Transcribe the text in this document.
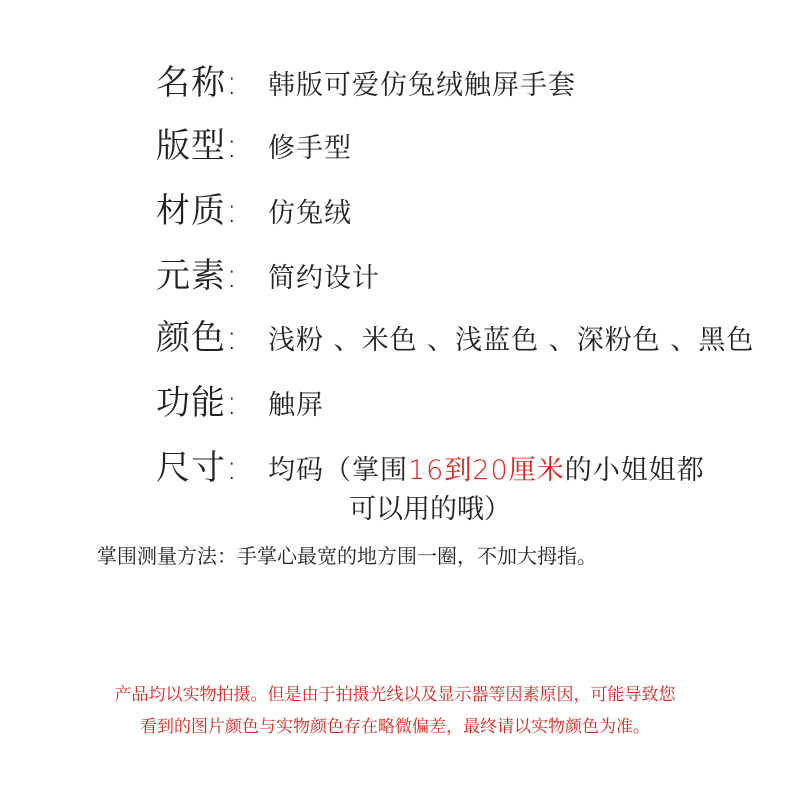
名称:	韩版可爱仿兔绒触屏手套
版型:	修手型
材质:	仿兔绒
元素:	简约设计
颜色:	浅粉 、米色 、浅蓝色 、深粉色 、黑色
功能:	触屏
尺寸:	均码（掌围16到20厘米的小姐姐都
可以用的哦）
掌围测量方法：手掌心最宽的地方围一圈，不加大拇指。
产品均以实物拍摄。但是由于拍摄光线以及显示器等因素原因，可能导致您
看到的图片颜色与实物颜色存在略微偏差，最终请以实物颜色为准。
